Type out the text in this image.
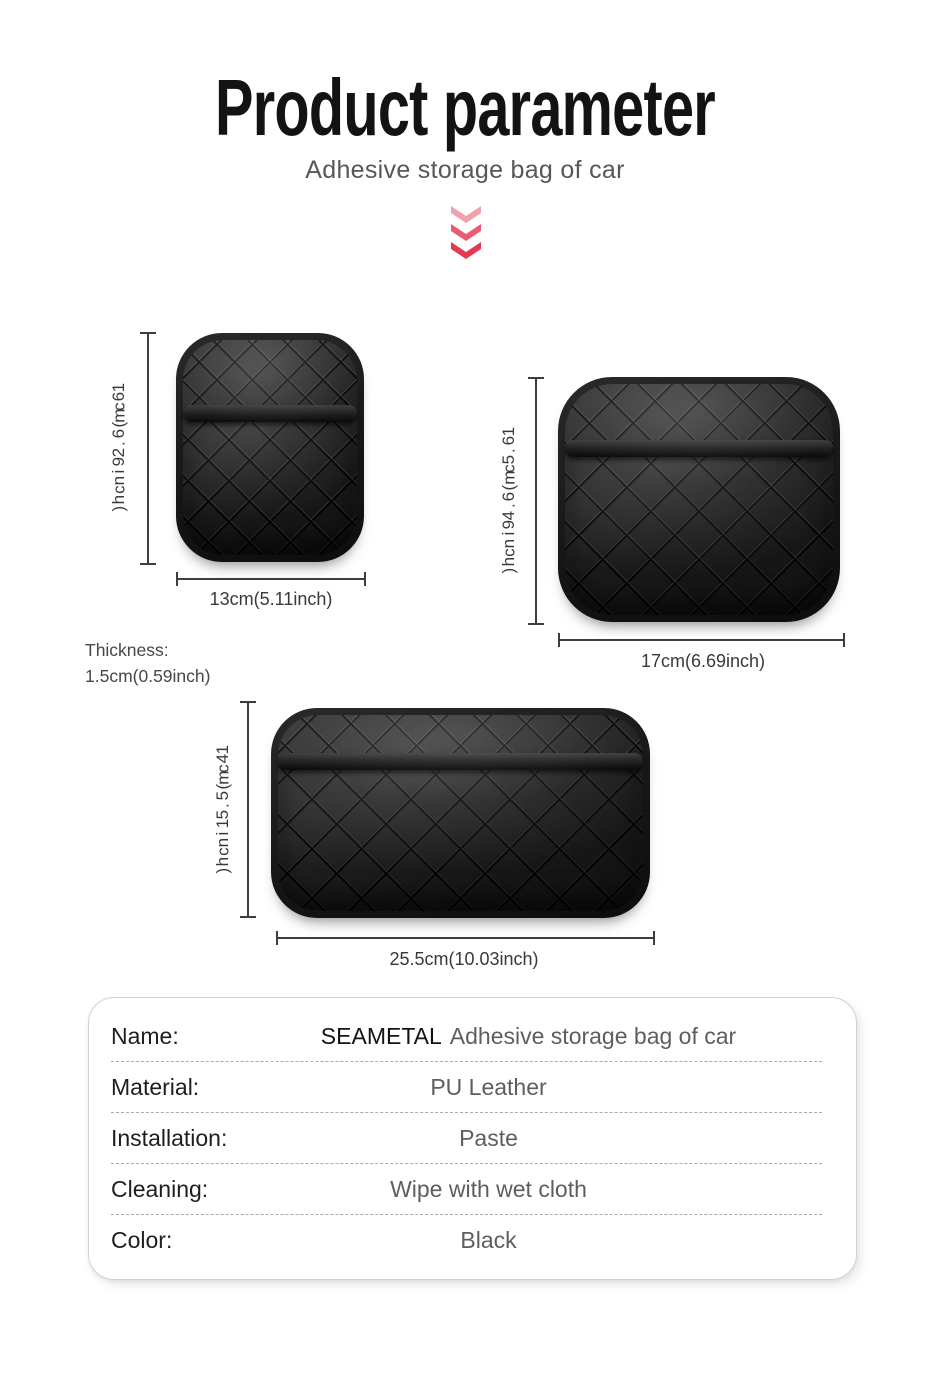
Product parameter
Adhesive storage bag of car
1
6
c
m
(
6
.
2
9
i
n
c
h
)
13cm(5.11inch)
1
6
.
5
c
m
(
6
.
4
9
i
n
c
h
)
17cm(6.69inch)
Thickness:
1.5cm(0.59inch)
1
4
c
m
(
5
.
5
1
i
n
c
h
)
25.5cm(10.03inch)
Name:	SEAMETAL Adhesive storage bag of car
Material:	PU Leather
Installation:	Paste
Cleaning:	Wipe with wet cloth
Color:	Black
